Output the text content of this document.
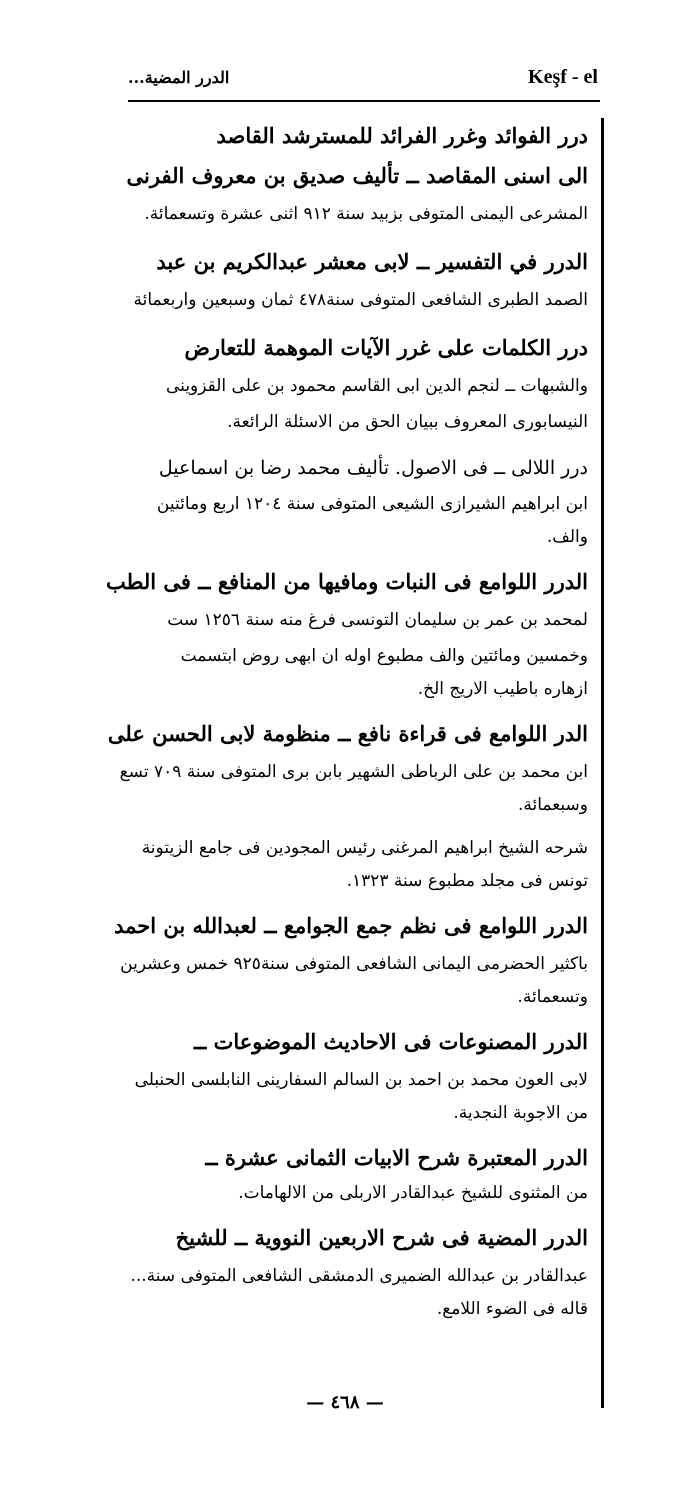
Keşf - el
الدرر المضية...
درر الفوائد وغرر الفرائد للمسترشد القاصد
الى اسنى المقاصد ــ تأليف صديق بن معروف الفرنى
المشرعى اليمنى المتوفى بزبيد سنة ٩١٢ اثنى عشرة وتسعمائة.
الدرر في التفسير ــ لابى معشر عبدالكريم بن عبد
الصمد الطبرى الشافعى المتوفى سنة٤٧٨ ثمان وسبعين واربعمائة
درر الكلمات على غرر الآيات الموهمة للتعارض
والشبهات ــ لنجم الدين ابى القاسم محمود بن على القزوينى
النيسابورى المعروف ببيان الحق من الاسئلة الرائعة.
درر اللالى ــ فى الاصول. تأليف محمد رضا بن اسماعيل
ابن ابراهيم الشيرازى الشيعى المتوفى سنة ١٢٠٤ اربع ومائتين
والف.
الدرر اللوامع فى النبات ومافيها من المنافع ــ فى الطب
لمحمد بن عمر بن سليمان التونسى فرغ منه سنة ١٢٥٦ ست
وخمسين ومائتين والف مطبوع اوله ان ابهى روض ابتسمت
ازهاره باطيب الاريج الخ.
الدر اللوامع فى قراءة نافع ــ منظومة لابى الحسن على
ابن محمد بن على الرباطى الشهير بابن برى المتوفى سنة ٧٠٩ تسع
وسبعمائة.
شرحه الشيخ ابراهيم المرغنى رئيس المجودين فى جامع الزيتونة
تونس فى مجلد مطبوع سنة ١٣٢٣.
الدرر اللوامع فى نظم جمع الجوامع ــ لعبدالله بن احمد
باكثير الحضرمى اليمانى الشافعى المتوفى سنة٩٢٥ خمس وعشرين
وتسعمائة.
الدرر المصنوعات فى الاحاديث الموضوعات ــ
لابى العون محمد بن احمد بن السالم السفارينى النابلسى الحنبلى
من الاجوبة النجدية.
الدرر المعتبرة شرح الابيات الثمانى عشرة ــ
من المثنوى للشيخ عبدالقادر الاربلى من الالهامات.
الدرر المضية فى شرح الاربعين النووية ــ للشيخ
عبدالقادر بن عبدالله الضميرى الدمشقى الشافعى المتوفى سنة...
قاله فى الضوء اللامع.
— ٤٦٨ —
